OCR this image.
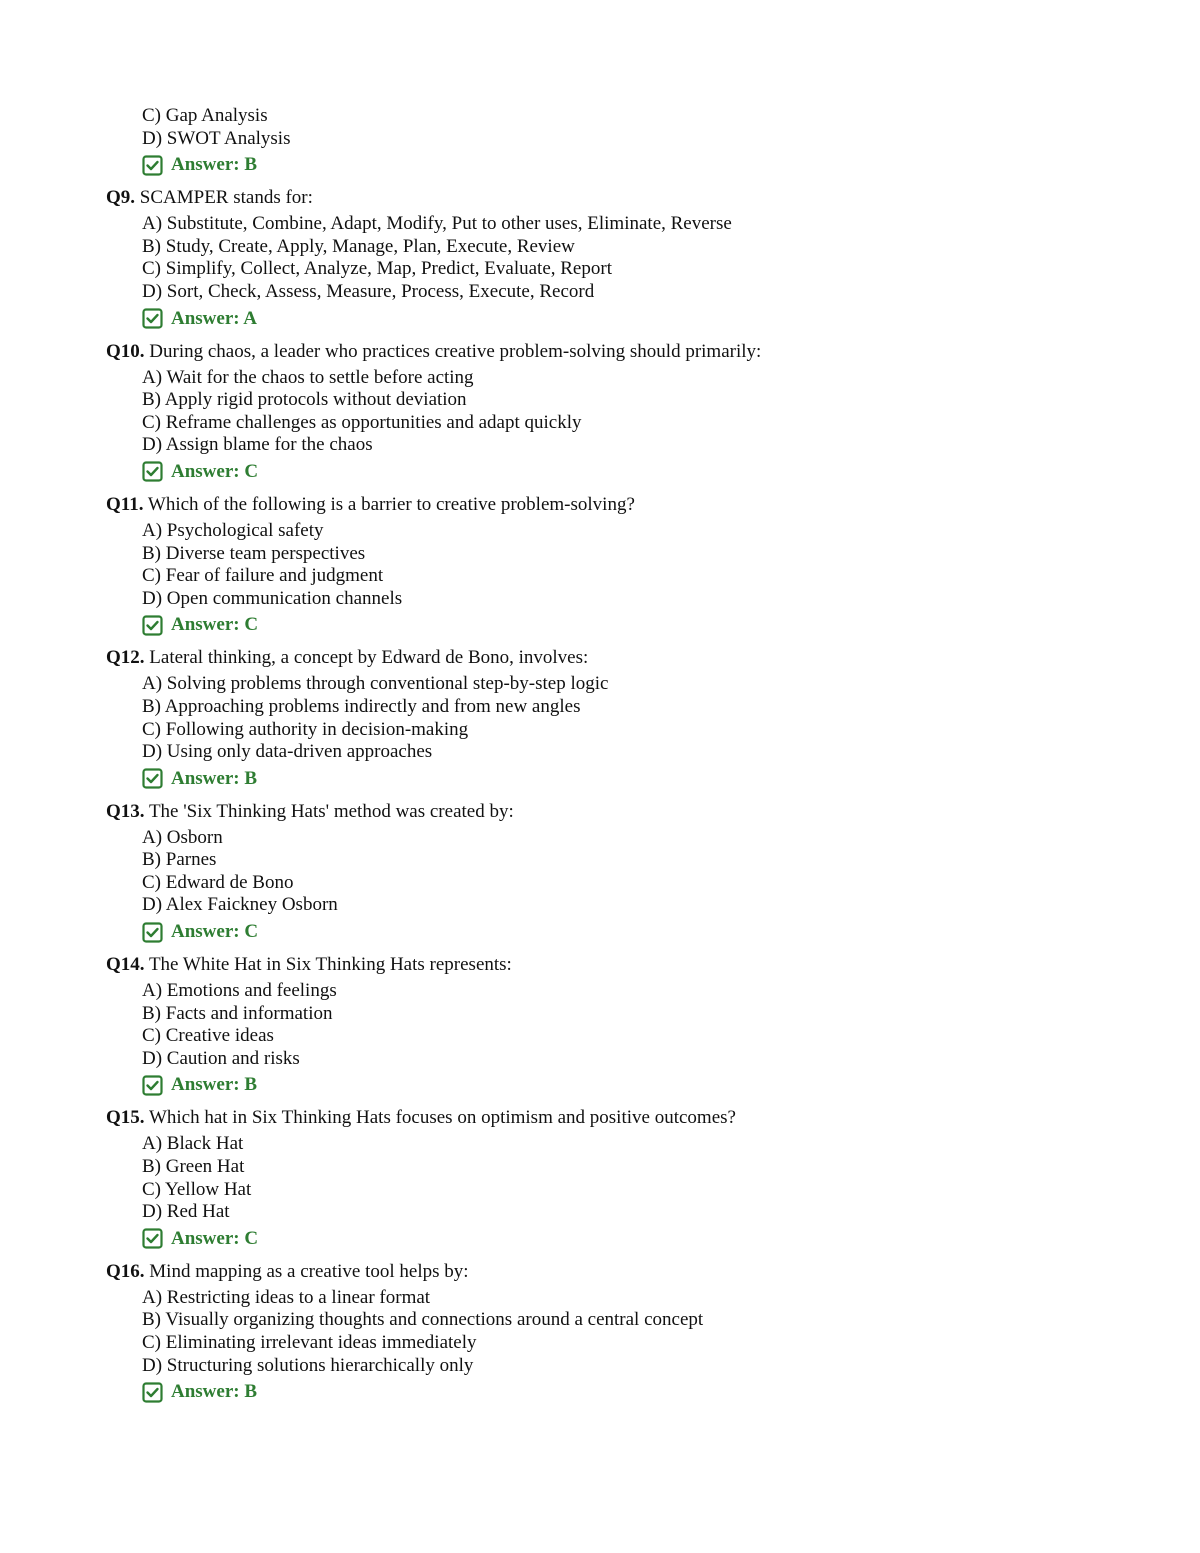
C) Gap Analysis
D) SWOT Analysis
Answer: B
Q9. SCAMPER stands for:
A) Substitute, Combine, Adapt, Modify, Put to other uses, Eliminate, Reverse
B) Study, Create, Apply, Manage, Plan, Execute, Review
C) Simplify, Collect, Analyze, Map, Predict, Evaluate, Report
D) Sort, Check, Assess, Measure, Process, Execute, Record
Answer: A
Q10. During chaos, a leader who practices creative problem-solving should primarily:
A) Wait for the chaos to settle before acting
B) Apply rigid protocols without deviation
C) Reframe challenges as opportunities and adapt quickly
D) Assign blame for the chaos
Answer: C
Q11. Which of the following is a barrier to creative problem-solving?
A) Psychological safety
B) Diverse team perspectives
C) Fear of failure and judgment
D) Open communication channels
Answer: C
Q12. Lateral thinking, a concept by Edward de Bono, involves:
A) Solving problems through conventional step-by-step logic
B) Approaching problems indirectly and from new angles
C) Following authority in decision-making
D) Using only data-driven approaches
Answer: B
Q13. The 'Six Thinking Hats' method was created by:
A) Osborn
B) Parnes
C) Edward de Bono
D) Alex Faickney Osborn
Answer: C
Q14. The White Hat in Six Thinking Hats represents:
A) Emotions and feelings
B) Facts and information
C) Creative ideas
D) Caution and risks
Answer: B
Q15. Which hat in Six Thinking Hats focuses on optimism and positive outcomes?
A) Black Hat
B) Green Hat
C) Yellow Hat
D) Red Hat
Answer: C
Q16. Mind mapping as a creative tool helps by:
A) Restricting ideas to a linear format
B) Visually organizing thoughts and connections around a central concept
C) Eliminating irrelevant ideas immediately
D) Structuring solutions hierarchically only
Answer: B
